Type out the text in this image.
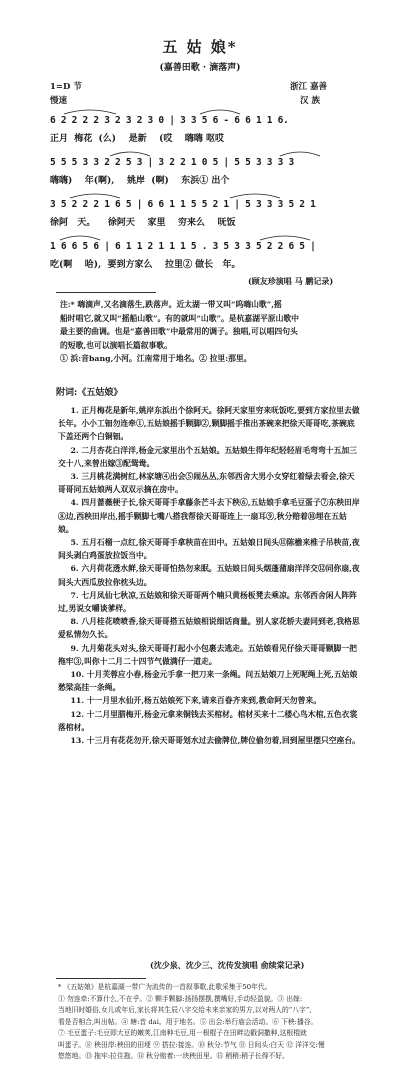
五 姑 娘*
(嘉善田歌 · 滴落声)
1=D 节
慢速
浙江 嘉善
汉 族
6 2 2 2 2 3 2 3 2 3 0 | 3 3 5 6 - 6 6 1 1 6.
正月  梅花  (么)    是新    (哎    嗨嗨 呕哎
5 5 5 3 3 2 2 5 3 | 3 2 2 1 0 5 | 5 5 3 3 3 3
嗨嗨)    年(啊),    姚岸  (啊)    东浜① 出个
3 5 2 2 2 1 6 5 | 6 6 1 1 5 5 2 1 | 5 3 3 3 5 2 1
徐阿   天。    徐阿天    家里    穷来么    呒饭
1 6 6 5 6 | 6 1 1 2 1 1 1 5 . 3 5 3 3 5 2 2 6 5 |
吃(啊    哈),  要到方家么    拉里② 做长   年。
(顾友珍演唱 马 鹏记录)
注:* 嗨滴声,又名滴落生,跌落声。近太湖一带又叫“呜嗨山歌”,摇
船时唱它,就又叫“摇船山歌”。有的就叫“山歌”。是杭嘉湖平原山歌中
最主要的曲调。也是“嘉善田歌”中最常用的调子。独唱,可以唱四句头
的短歌,也可以演唱长篇叙事歌。
① 浜:音bang,小河。江南常用于地名。② 拉里:那里。
附词:《五姑娘》

1. 正月梅花是新年,姚岸东浜出个徐阿天。徐阿天家里穷来呒饭吃,要到方家拉里去做长年。小小工钿勿连牵①,五姑娘摇手颗脚②,颗脚摇手推出茶碗来把徐天哥哥吃,茶碗底下盖还两个白铜钿。

2. 二月杏花白洋洋,杨金元家里出个五姑娘。五姑娘生得年纪轻轻眉毛弯弯十五加三交十八,来曾出嫁③配鸳鸯。

3. 三月桃花满树红,林家塘④出会⑤闹丛丛,东邻西舍大男小女穿红着绿去看会,徐天哥哥同五姑娘两人双双示摘在房中。

4. 四月蔷薇梗子长,徐天哥哥手拿藤条芒斗去下秧⑥,五姑娘手拿毛豆蛋子⑦东秧田岸⑧边,西秧田岸出,摇手颗脚七嘴八搭我帮徐天哥哥连上一扇耳⑨,秋分赔着⑩埋在五姑娘。

5. 五月石榴一点红,徐天哥哥手拿秧苗在田中。五姑娘日间头⑪陈檐来椎子吊秧苗,夜间头剥白鸡蛋放拉饭当中。

6. 六月荷花透水鲜,徐天哥哥怕热勿来眠。五姑娘日间头烟蓬蒲扇洋洋交⑫同你扇,夜间头大西瓜放拉你枕头边。

7. 七月凤仙七秋凉,五姑娘和徐天哥哥两个喃只黄杨板凳去乘凉。东邻西舍闲人阵阵过,男说女嚼谈爹样。

8. 八月桂花喷喷香,徐天哥哥搭五姑娘相说细话商量。别人家花轿夫妻同到老,我格思爱私情勿久长。

9. 九月菊花头对头,徐天哥哥打起小小包裹去逃走。五姑娘看见仔徐天哥哥颗脚一把拖牢③,叫你十二月二十四节气做满仔一道走。

10. 十月芙蓉应小春,杨金元手拿一把刀来一条绳。问五姑娘刀上死呢绳上死,五姑娘愁梁高挂一条绳。

11. 十一月里水仙开,杨五姑娘死下来,请来百眷齐来到,教命阿天勿曾来。

12. 十二月里腊梅开,杨金元拿来铜钱去买棺材。棺材买来十二楼心鸟木棺,五色衣裳落棺材。

13. 十三月有花花勿开,徐天哥哥划水过去偷牌位,牌位偷勿着,回到屋里摆只空座台。

(沈少泉、沈少三、沈传发演唱 俞续棠记录)
* 《五姑娘》是杭嘉湖一带广为流传的一首叙事歌,此歌采集于50年代。
① 勿连牵:不算什么,不在乎。② 颗手颗脚:扬扬摆摆,撰嘴好,手动轻盈貌。③ 出嫁:
当地旧时婚俗,女儿或年后,家长将其生辰八字交给未来亲家的男方,以对两人的“八字”,
看是否相合,叫出帖。④ 塘:音 dai。用于地名。⑤ 出会:举行庙会活动。⑥ 下秧:播谷。
⑦ 毛豆蛋子:毛豆即大豆的嫩荚,江南种毛豆,用一根棍子在田畔边戳洞撒种,这根棍就
叫蛋子。⑧ 秧田岸:秧田的田埂 ⑨ 搭拉:接连。⑩ 秋分:节气 ⑪ 日间头:白天 ⑫ 洋洋交:慢
悠悠地。⑬ 拖牢:拉住拖。⑭ 秋分赔着:一块秧田里。⑮ 稍稍:稍子长得不好。
